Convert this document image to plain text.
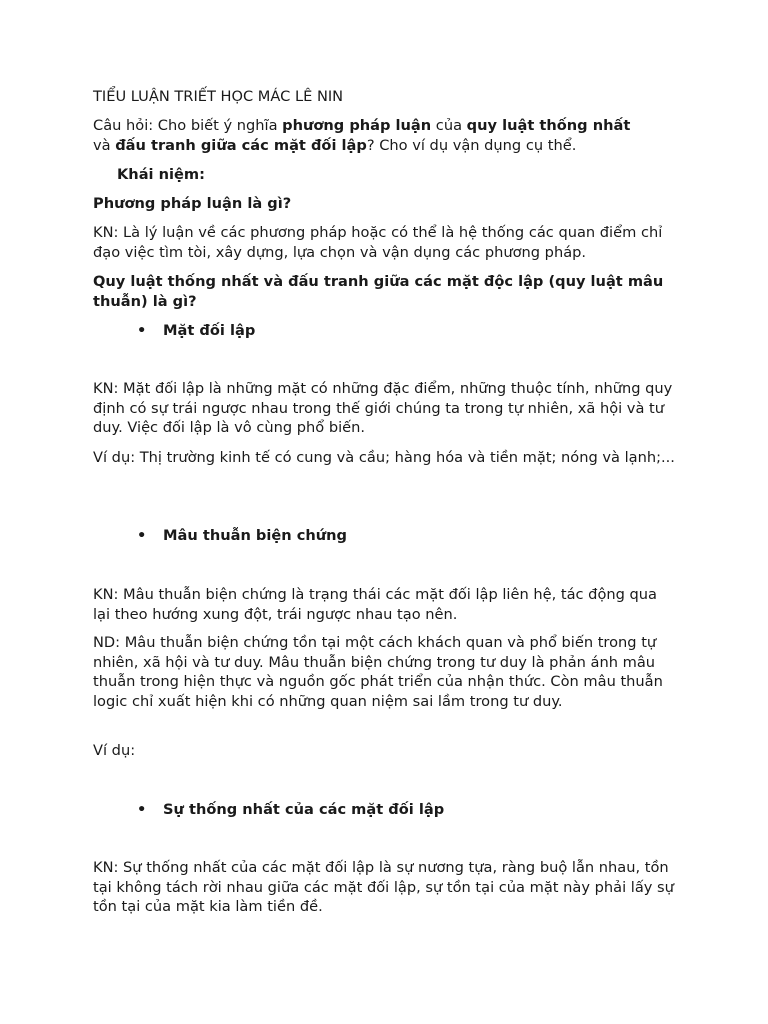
TIỂU LUẬN TRIẾT HỌC MÁC LÊ NIN

Câu hỏi: Cho biết ý nghĩa phương pháp luận của quy luật thống nhất
và đấu tranh giữa các mặt đối lập? Cho ví dụ vận dụng cụ thể.

Khái niệm:

Phương pháp luận là gì?

KN: Là lý luận về các phương pháp hoặc có thể là hệ thống các quan điểm chỉ đạo việc tìm tòi, xây dựng, lựa chọn và vận dụng các phương pháp.

Quy luật thống nhất và đấu tranh giữa các mặt độc lập (quy luật mâu thuẫn) là gì?

• Mặt đối lập

KN: Mặt đối lập là những mặt có những đặc điểm, những thuộc tính, những quy định có sự trái ngược nhau trong thế giới chúng ta trong tự nhiên, xã hội và tư duy. Việc đối lập là vô cùng phổ biến.

Ví dụ: Thị trường kinh tế có cung và cầu; hàng hóa và tiền mặt; nóng và lạnh;...

• Mâu thuẫn biện chứng

KN: Mâu thuẫn biện chứng là trạng thái các mặt đối lập liên hệ, tác động qua lại theo hướng xung đột, trái ngược nhau tạo nên.

ND: Mâu thuẫn biện chứng tồn tại một cách khách quan và phổ biến trong tự nhiên, xã hội và tư duy. Mâu thuẫn biện chứng trong tư duy là phản ánh mâu thuẫn trong hiện thực và nguồn gốc phát triển của nhận thức. Còn mâu thuẫn logic chỉ xuất hiện khi có những quan niệm sai lầm trong tư duy.

Ví dụ:

• Sự thống nhất của các mặt đối lập

KN: Sự thống nhất của các mặt đối lập là sự nương tựa, ràng buộ lẫn nhau, tồn tại không tách rời nhau giữa các mặt đối lập, sự tồn tại của mặt này phải lấy sự tồn tại của mặt kia làm tiền đề.
